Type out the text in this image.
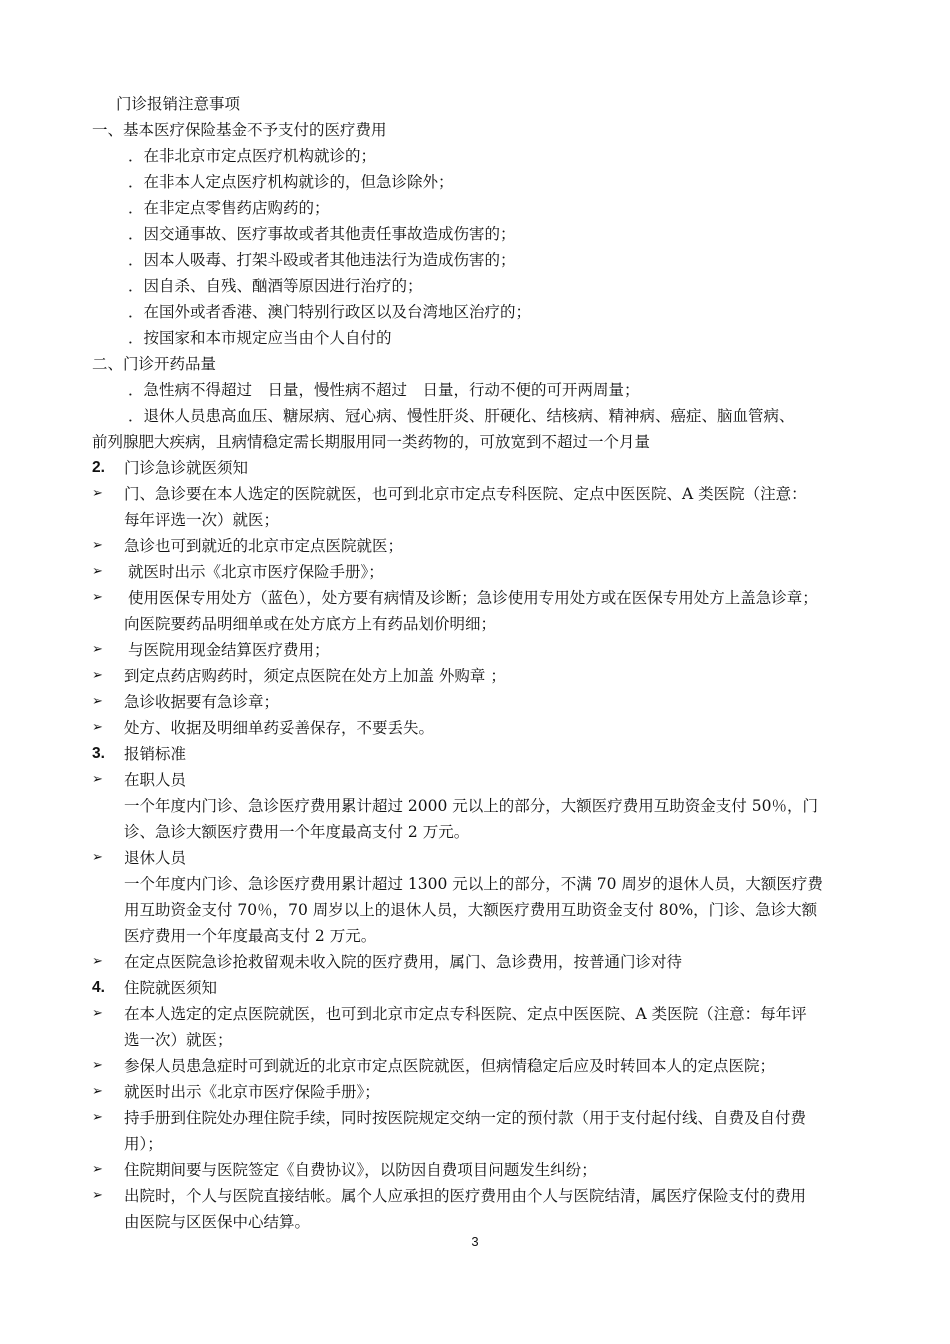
门诊报销注意事项
一、基本医疗保险基金不予支付的医疗费用
．在非北京市定点医疗机构就诊的；
．在非本人定点医疗机构就诊的，但急诊除外；
．在非定点零售药店购药的；
．因交通事故、医疗事故或者其他责任事故造成伤害的；
．因本人吸毒、打架斗殴或者其他违法行为造成伤害的；
．因自杀、自残、酗酒等原因进行治疗的；
．在国外或者香港、澳门特别行政区以及台湾地区治疗的；
．按国家和本市规定应当由个人自付的
二、门诊开药品量
．急性病不得超过　日量，慢性病不超过　日量，行动不便的可开两周量；
．退休人员患高血压、糖尿病、冠心病、慢性肝炎、肝硬化、结核病、精神病、癌症、脑血管病、
前列腺肥大疾病，且病情稳定需长期服用同一类药物的，可放宽到不超过一个月量
2. 门诊急诊就医须知
➢ 门、急诊要在本人选定的医院就医，也可到北京市定点专科医院、定点中医医院、A 类医院（注意：
每年评选一次）就医；
➢ 急诊也可到就近的北京市定点医院就医；
➢ 就医时出示《北京市医疗保险手册》；
➢ 使用医保专用处方（蓝色），处方要有病情及诊断；急诊使用专用处方或在医保专用处方上盖急诊章；
向医院要药品明细单或在处方底方上有药品划价明细；
➢ 与医院用现金结算医疗费用；
➢ 到定点药店购药时，须定点医院在处方上加盖 外购章 ；
➢ 急诊收据要有急诊章；
➢ 处方、收据及明细单药妥善保存，不要丢失。
3. 报销标准
➢ 在职人员
一个年度内门诊、急诊医疗费用累计超过 2000 元以上的部分，大额医疗费用互助资金支付 50％，门
诊、急诊大额医疗费用一个年度最高支付 2 万元。
➢ 退休人员
一个年度内门诊、急诊医疗费用累计超过 1300 元以上的部分，不满 70 周岁的退休人员，大额医疗费
用互助资金支付 70％，70 周岁以上的退休人员，大额医疗费用互助资金支付 80%，门诊、急诊大额
医疗费用一个年度最高支付 2 万元。
➢ 在定点医院急诊抢救留观未收入院的医疗费用，属门、急诊费用，按普通门诊对待
4. 住院就医须知
➢ 在本人选定的定点医院就医，也可到北京市定点专科医院、定点中医医院、A 类医院（注意：每年评
选一次）就医；
➢ 参保人员患急症时可到就近的北京市定点医院就医，但病情稳定后应及时转回本人的定点医院；
➢ 就医时出示《北京市医疗保险手册》；
➢ 持手册到住院处办理住院手续，同时按医院规定交纳一定的预付款（用于支付起付线、自费及自付费
用）；
➢ 住院期间要与医院签定《自费协议》，以防因自费项目问题发生纠纷；
➢ 出院时，个人与医院直接结帐。属个人应承担的医疗费用由个人与医院结清，属医疗保险支付的费用
由医院与区医保中心结算。
3
